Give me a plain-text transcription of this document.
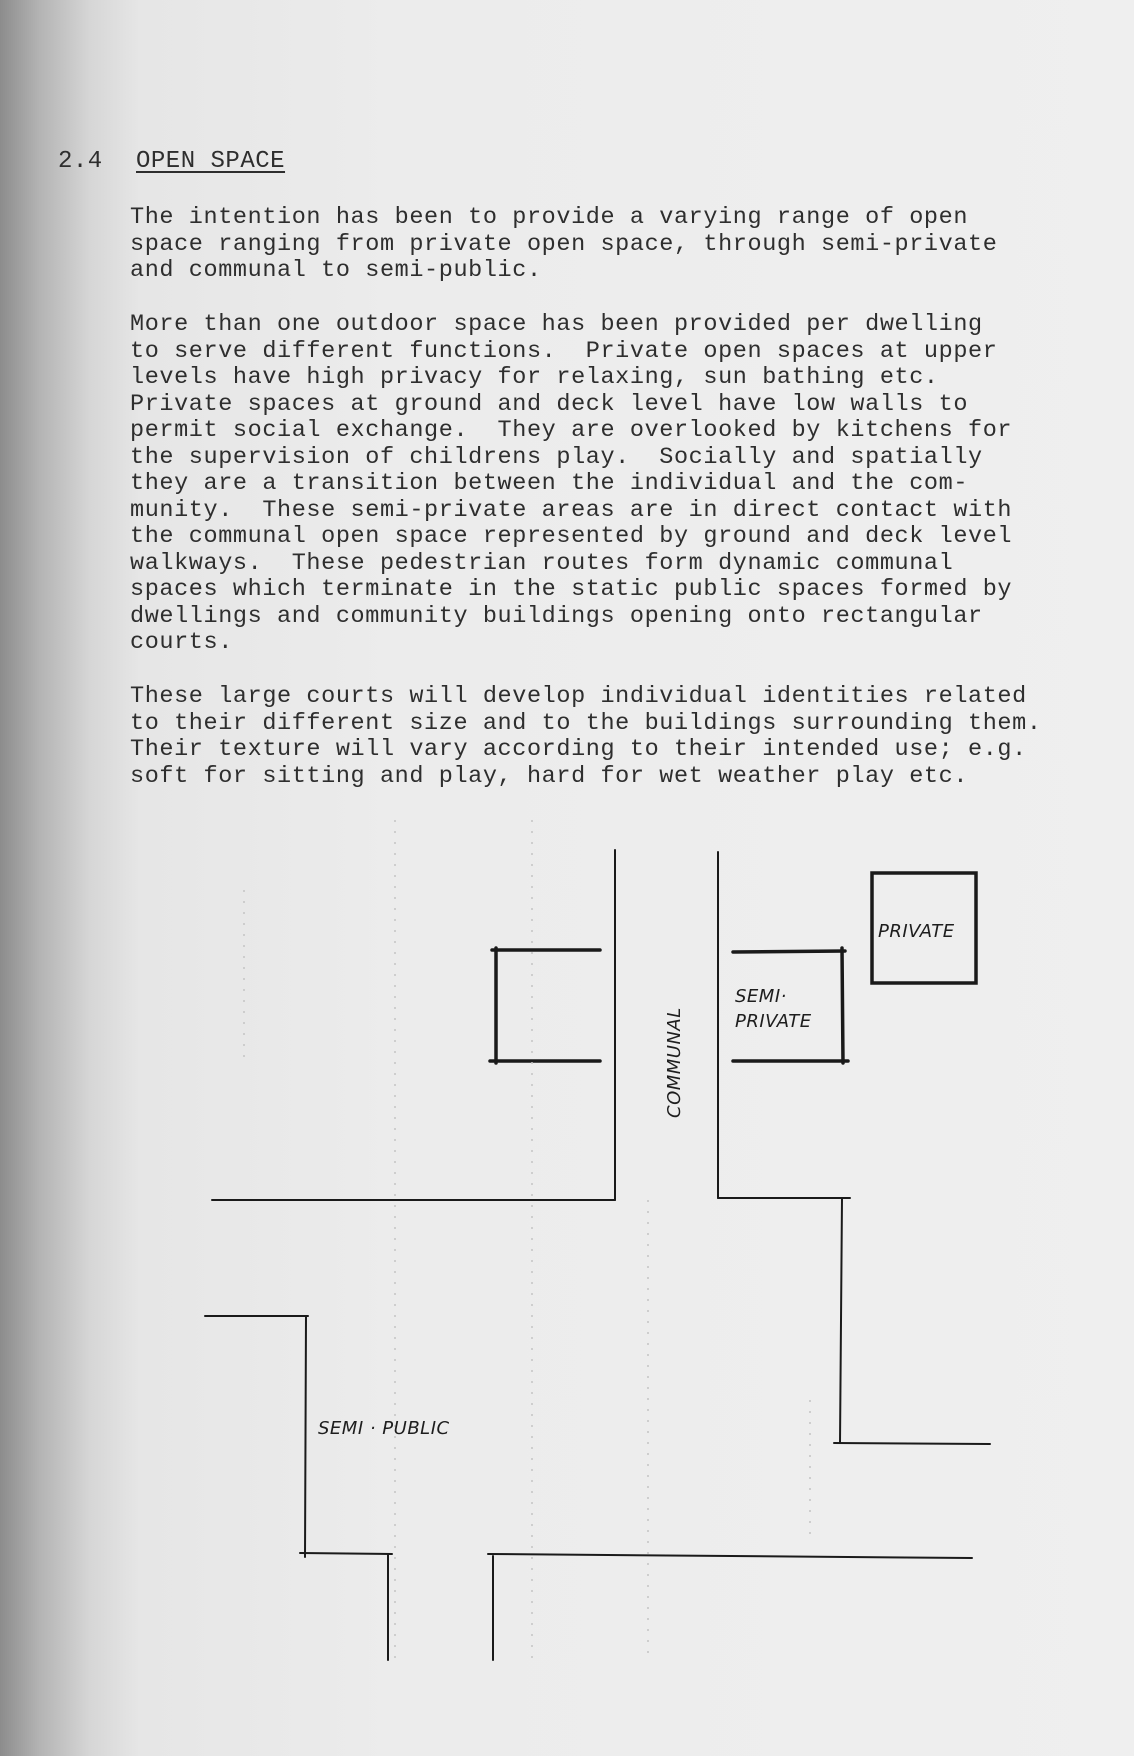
2.4 OPEN SPACE
The intention has been to provide a varying range of open
space ranging from private open space, through semi-private
and communal to semi-public.
More than one outdoor space has been provided per dwelling
to serve different functions.  Private open spaces at upper
levels have high privacy for relaxing, sun bathing etc.
Private spaces at ground and deck level have low walls to
permit social exchange.  They are overlooked by kitchens for
the supervision of childrens play.  Socially and spatially
they are a transition between the individual and the com-
munity.  These semi-private areas are in direct contact with
the communal open space represented by ground and deck level
walkways.  These pedestrian routes form dynamic communal
spaces which terminate in the static public spaces formed by
dwellings and community buildings opening onto rectangular
courts.
These large courts will develop individual identities related
to their different size and to the buildings surrounding them.
Their texture will vary according to their intended use; e.g.
soft for sitting and play, hard for wet weather play etc.
PRIVATE
SEMI·
PRIVATE
COMMUNAL
SEMI · PUBLIC
